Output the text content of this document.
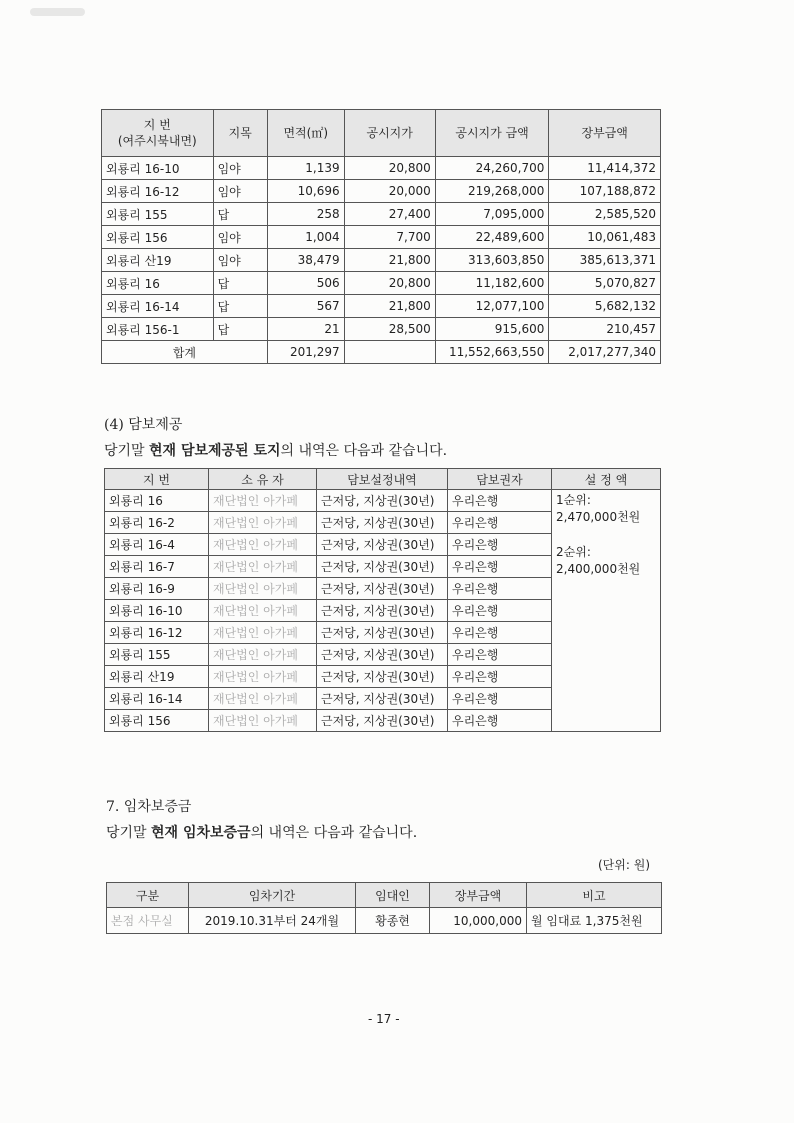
지 번
(여주시북내면)	지목	면적(㎡)	공시지가	공시지가 금액	장부금액
외룡리 16-10	임야	1,139	20,800	24,260,700	11,414,372
외룡리 16-12	임야	10,696	20,000	219,268,000	107,188,872
외룡리 155	답	258	27,400	7,095,000	2,585,520
외룡리 156	임야	1,004	7,700	22,489,600	10,061,483
외룡리 산19	임야	38,479	21,800	313,603,850	385,613,371
외룡리 16	답	506	20,800	11,182,600	5,070,827
외룡리 16-14	답	567	21,800	12,077,100	5,682,132
외룡리 156-1	답	21	28,500	915,600	210,457
합계		201,297		11,552,663,550	2,017,277,340

(4) 담보제공

당기말 현재 담보제공된 토지의 내역은 다음과 같습니다.

지 번	소 유 자	담보설정내역	담보권자	설 정 액
외룡리 16	재단법인 아가페	근저당, 지상권(30년)	우리은행	1순위:
2,470,000천원
2순위:
2,400,000천원

외룡리 16-2	재단법인 아가페	근저당, 지상권(30년)	우리은행	
외룡리 16-4	재단법인 아가페	근저당, 지상권(30년)	우리은행	
외룡리 16-7	재단법인 아가페	근저당, 지상권(30년)	우리은행	
외룡리 16-9	재단법인 아가페	근저당, 지상권(30년)	우리은행	
외룡리 16-10	재단법인 아가페	근저당, 지상권(30년)	우리은행	
외룡리 16-12	재단법인 아가페	근저당, 지상권(30년)	우리은행	
외룡리 155	재단법인 아가페	근저당, 지상권(30년)	우리은행	
외룡리 산19	재단법인 아가페	근저당, 지상권(30년)	우리은행	
외룡리 16-14	재단법인 아가페	근저당, 지상권(30년)	우리은행	
외룡리 156	재단법인 아가페	근저당, 지상권(30년)	우리은행	

7. 임차보증금

당기말 현재 임차보증금의 내역은 다음과 같습니다.

(단위: 원)

구분	임차기간	임대인	장부금액	비고
본점 사무실	2019.10.31부터 24개월	황종현	10,000,000	월 임대료 1,375천원

- 17 -
